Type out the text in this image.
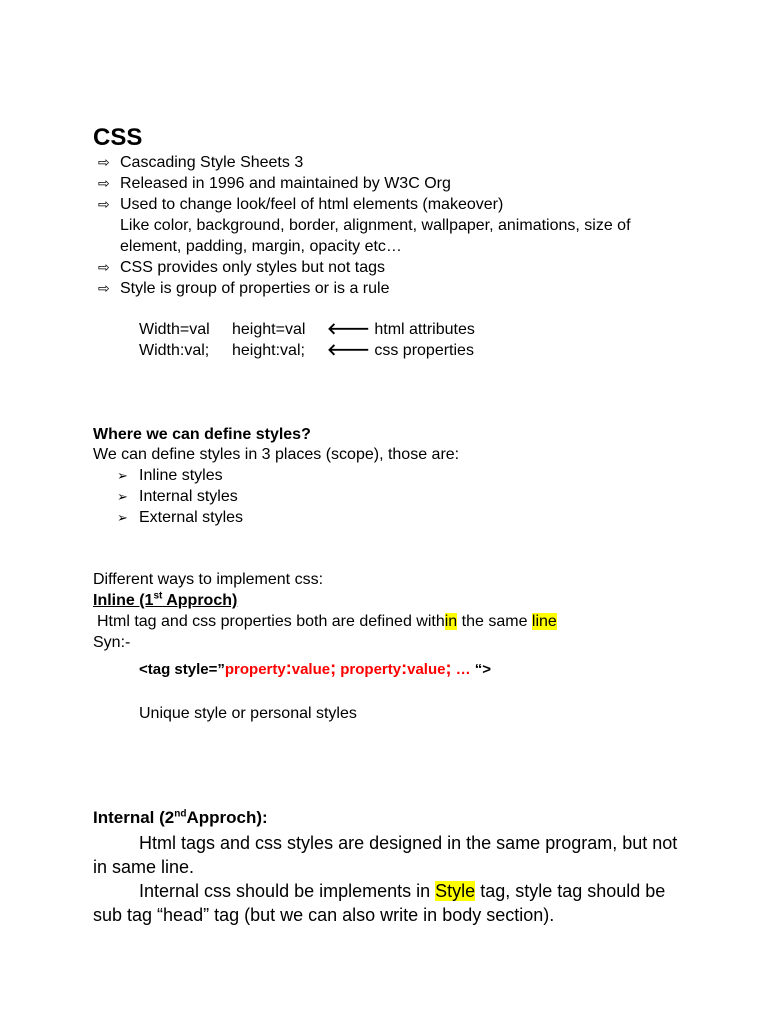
CSS
⇨ Cascading Style Sheets 3
⇨ Released in 1996 and maintained by W3C Org
⇨ Used to change look/feel of html elements (makeover)
Like color, background, border, alignment, wallpaper, animations, size of
element, padding, margin, opacity etc…
⇨ CSS provides only styles but not tags
⇨ Style is group of properties or is a rule
Width=val height=val 🡐 html attributes
Width:val; height:val; 🡐 css properties
Where we can define styles?
We can define styles in 3 places (scope), those are:
➢ Inline styles
➢ Internal styles
➢ External styles
Different ways to implement css:
Inline (1st Approch)
Html tag and css properties both are defined within the same line
Syn:-
<tag style=”property:value; property:value; … “>
Unique style or personal styles
Internal (2ndApproch):
Html tags and css styles are designed in the same program, but not
in same line.
Internal css should be implements in Style tag, style tag should be
sub tag “head” tag (but we can also write in body section).
